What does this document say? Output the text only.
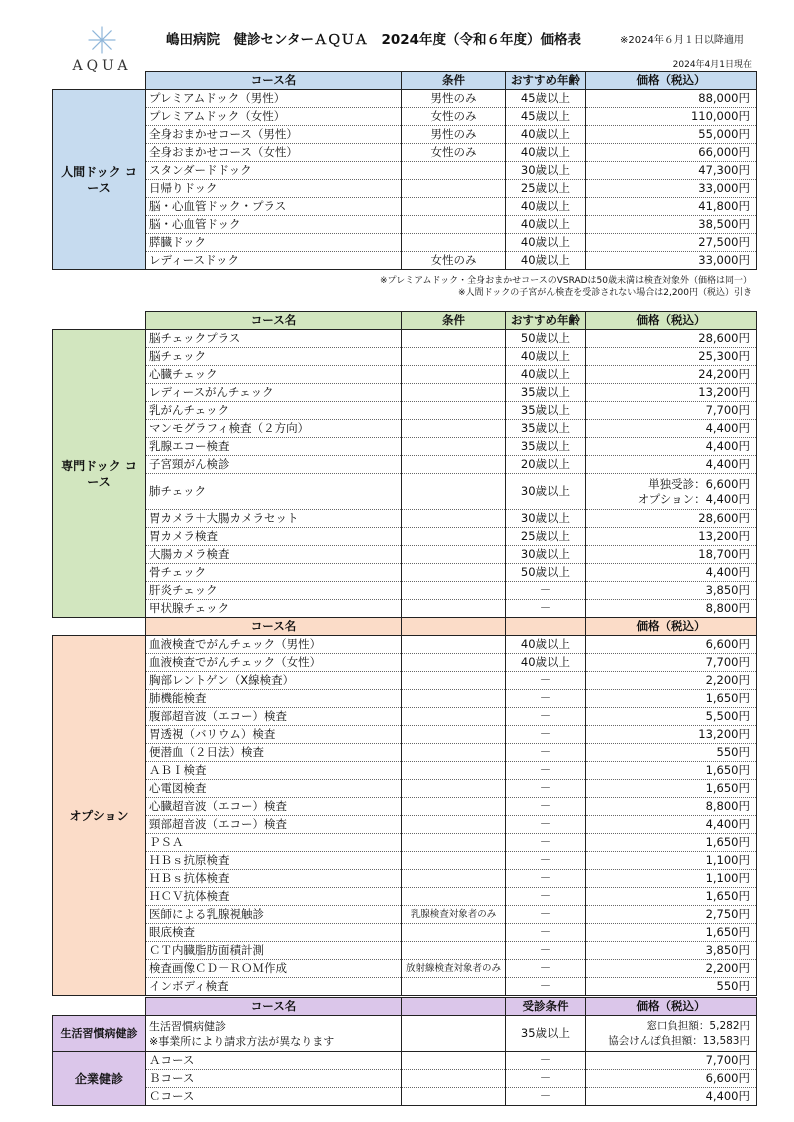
AQUA
嶋田病院　健診センターＡＱＵＡ　2024年度（令和６年度）価格表	※2024年６月１日以降適用
2024年4月1日現在
	コース名	条件	おすすめ年齢	価格（税込）
人間ドック コース	プレミアムドック（男性）	男性のみ	45歳以上	88,000円
	プレミアムドック（女性）	女性のみ	45歳以上	110,000円
	全身おまかせコース（男性）	男性のみ	40歳以上	55,000円
	全身おまかせコース（女性）	女性のみ	40歳以上	66,000円
	スタンダードドック		30歳以上	47,300円
	日帰りドック		25歳以上	33,000円
	脳・心血管ドック・プラス		40歳以上	41,800円
	脳・心血管ドック		40歳以上	38,500円
	膵臓ドック		40歳以上	27,500円
	レディースドック	女性のみ	40歳以上	33,000円
※プレミアムドック・全身おまかせコースのVSRADは50歳未満は検査対象外（価格は同一）
※人間ドックの子宮がん検査を受診されない場合は2,200円（税込）引き
	コース名	条件	おすすめ年齢	価格（税込）
専門ドック コース	脳チェックプラス		50歳以上	28,600円
	脳チェック		40歳以上	25,300円
	心臓チェック		40歳以上	24,200円
	レディースがんチェック		35歳以上	13,200円
	乳がんチェック		35歳以上	7,700円
	マンモグラフィ検査（２方向）		35歳以上	4,400円
	乳腺エコー検査		35歳以上	4,400円
	子宮頸がん検診		20歳以上	4,400円
	肺チェック		30歳以上	単独受診：6,600円
オプション：4,400円
	胃カメラ＋大腸カメラセット		30歳以上	28,600円
	胃カメラ検査		25歳以上	13,200円
	大腸カメラ検査		30歳以上	18,700円
	骨チェック		50歳以上	4,400円
	肝炎チェック		－	3,850円
	甲状腺チェック		－	8,800円
	コース名			価格（税込）
オプション	血液検査でがんチェック（男性）		40歳以上	6,600円
	血液検査でがんチェック（女性）		40歳以上	7,700円
	胸部レントゲン（X線検査）		－	2,200円
	肺機能検査		－	1,650円
	腹部超音波（エコー）検査		－	5,500円
	胃透視（バリウム）検査		－	13,200円
	便潜血（２日法）検査		－	550円
	ＡＢＩ検査		－	1,650円
	心電図検査		－	1,650円
	心臓超音波（エコー）検査		－	8,800円
	頸部超音波（エコー）検査		－	4,400円
	ＰＳＡ		－	1,650円
	ＨＢｓ抗原検査		－	1,100円
	ＨＢｓ抗体検査		－	1,100円
	ＨＣＶ抗体検査		－	1,650円
	医師による乳腺視触診	乳腺検査対象者のみ	－	2,750円
	眼底検査		－	1,650円
	ＣＴ内臓脂肪面積計測		－	3,850円
	検査画像ＣＤ－ＲＯＭ作成	放射線検査対象者のみ	－	2,200円
	インボディ検査		－	550円
	コース名		受診条件	価格（税込）
生活習慣病健診	生活習慣病健診
※事業所により請求方法が異なります		35歳以上	窓口負担額：5,282円
協会けんぽ負担額：13,583円
企業健診	Ａコース		－	7,700円
	Ｂコース		－	6,600円
	Ｃコース		－	4,400円
